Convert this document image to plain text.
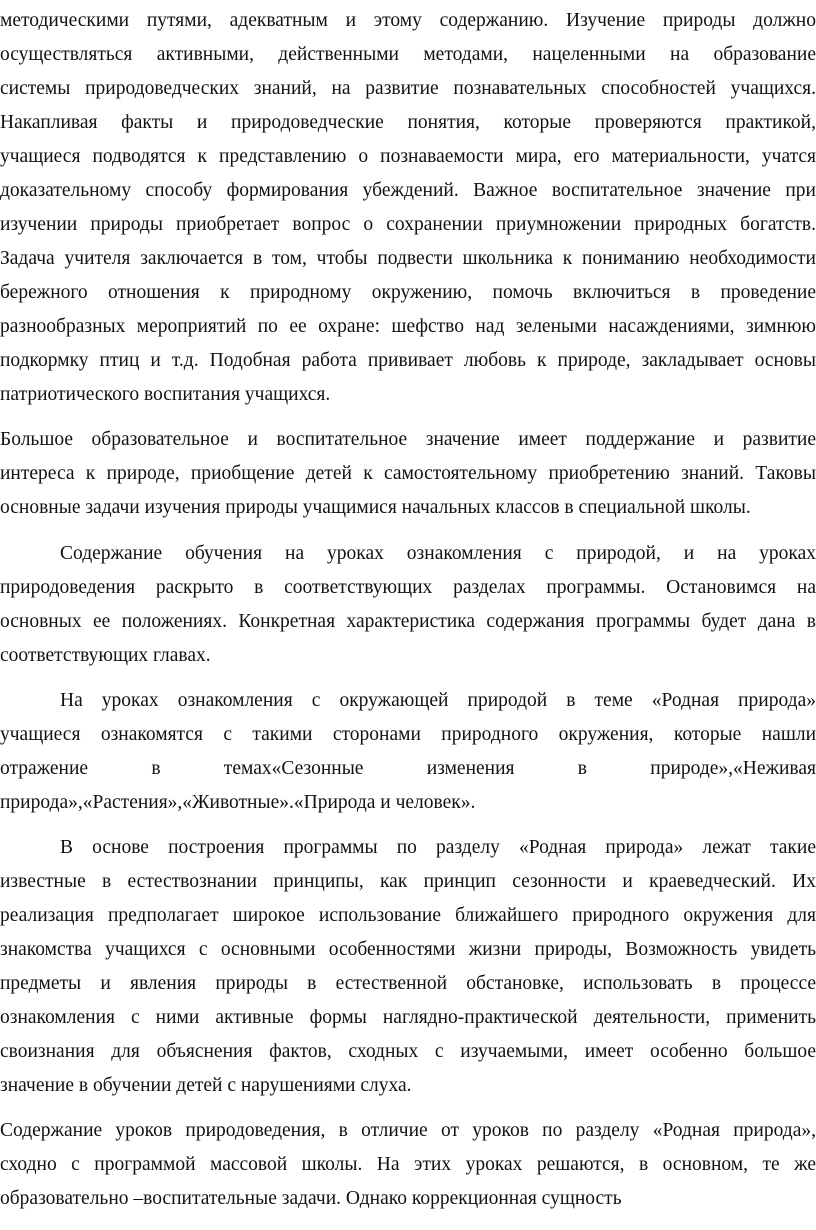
методическими путями, адекватным и этому содержанию. Изучение природы должно
осуществляться активными, действенными методами, нацеленными на образование
системы природоведческих знаний, на развитие познавательных способностей учащихся.
Накапливая факты и природоведческие понятия, которые проверяются практикой,
учащиеся подводятся к представлению о познаваемости мира, его материальности, учатся
доказательному способу формирования убеждений. Важное воспитательное значение при
изучении природы приобретает вопрос о сохранении приумножении природных богатств.
Задача учителя заключается в том, чтобы подвести школьника к пониманию необходимости
бережного отношения к природному окружению, помочь включиться в проведение
разнообразных мероприятий по ее охране: шефство над зелеными насаждениями, зимнюю
подкормку птиц и т.д. Подобная работа прививает любовь к природе, закладывает основы
патриотического воспитания учащихся.
Большое образовательное и воспитательное значение имеет поддержание и развитие
интереса к природе, приобщение детей к самостоятельному приобретению знаний. Таковы
основные задачи изучения природы учащимися начальных классов в специальной школы.
Содержание обучения на уроках ознакомления с природой, и на уроках
природоведения раскрыто в соответствующих разделах программы. Остановимся на
основных ее положениях. Конкретная характеристика содержания программы будет дана в
соответствующих главах.
На уроках ознакомления с окружающей природой в теме «Родная природа»
учащиеся ознакомятся с такими сторонами природного окружения, которые нашли
отражение в темах«Сезонные изменения в природе»,«Неживая
природа»,«Растения»,«Животные».«Природа и человек».
В основе построения программы по разделу «Родная природа» лежат такие
известные в естествознании принципы, как принцип сезонности и краеведческий. Их
реализация предполагает широкое использование ближайшего природного окружения для
знакомства учащихся с основными особенностями жизни природы, Возможность увидеть
предметы и явления природы в естественной обстановке, использовать в процессе
ознакомления с ними активные формы наглядно-практической деятельности, применить
своизнания для объяснения фактов, сходных с изучаемыми, имеет особенно большое
значение в обучении детей с нарушениями слуха.
Содержание уроков природоведения, в отличие от уроков по разделу «Родная природа»,
сходно с программой массовой школы. На этих уроках решаются, в основном, те же
образовательно –воспитательные задачи. Однако коррекционная сущность
